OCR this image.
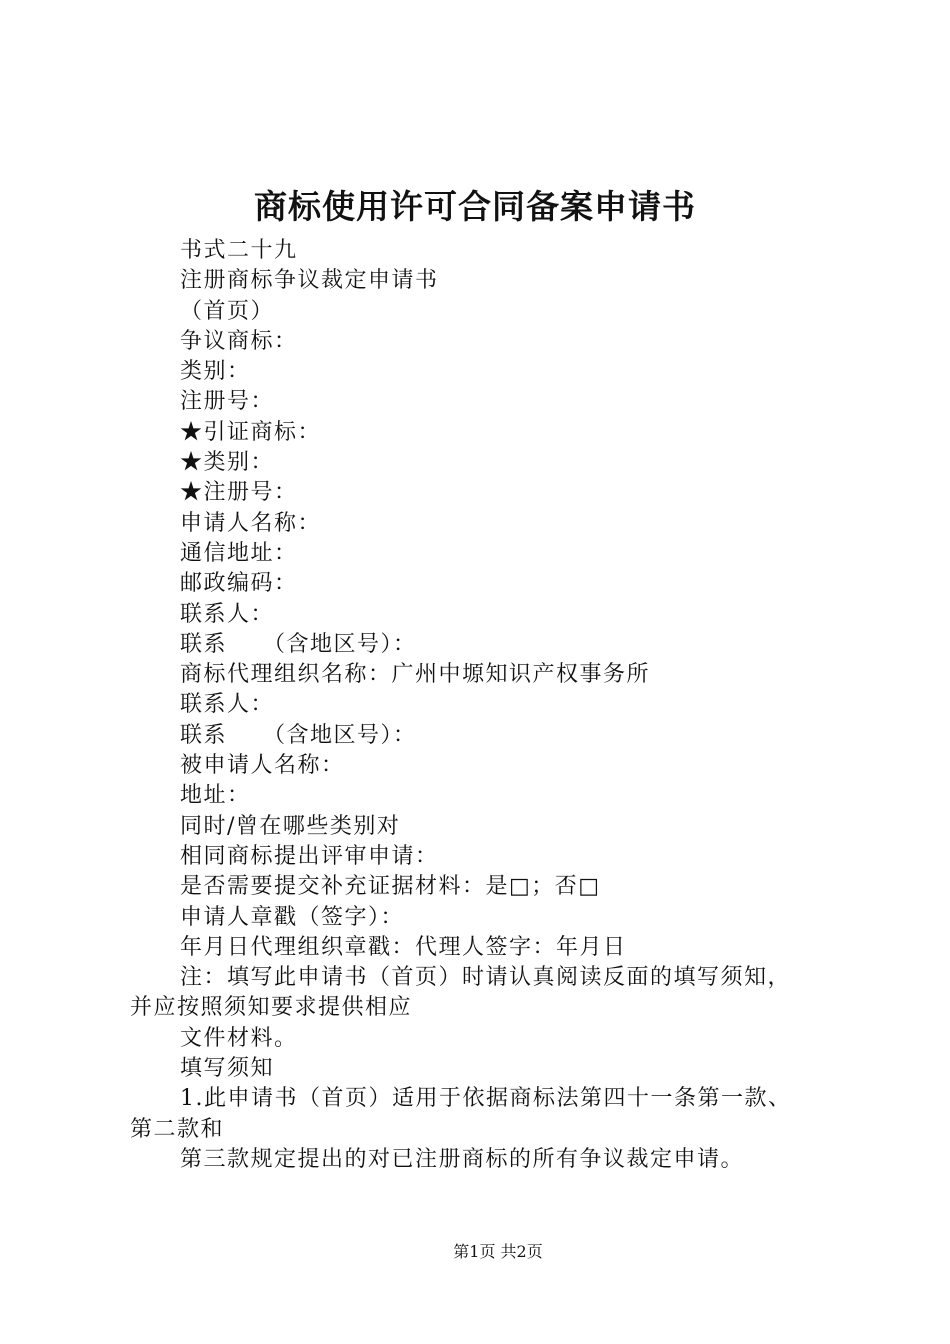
商标使用许可合同备案申请书
书式二十九
注册商标争议裁定申请书
（首页）
争议商标：
类别：
注册号：
★引证商标：
★类别：
★注册号：
申请人名称：
通信地址：
邮政编码：
联系人：
联系　　（含地区号）：
商标代理组织名称：广州中塬知识产权事务所
联系人：
联系　　（含地区号）：
被申请人名称：
地址：
同时/曾在哪些类别对
相同商标提出评审申请：
是否需要提交补充证据材料：是□；否□
申请人章戳（签字）：
年月日代理组织章戳：代理人签字：年月日
注：填写此申请书（首页）时请认真阅读反面的填写须知，
并应按照须知要求提供相应
文件材料。
填写须知
1.此申请书（首页）适用于依据商标法第四十一条第一款、
第二款和
第三款规定提出的对已注册商标的所有争议裁定申请。
第1页 共2页
